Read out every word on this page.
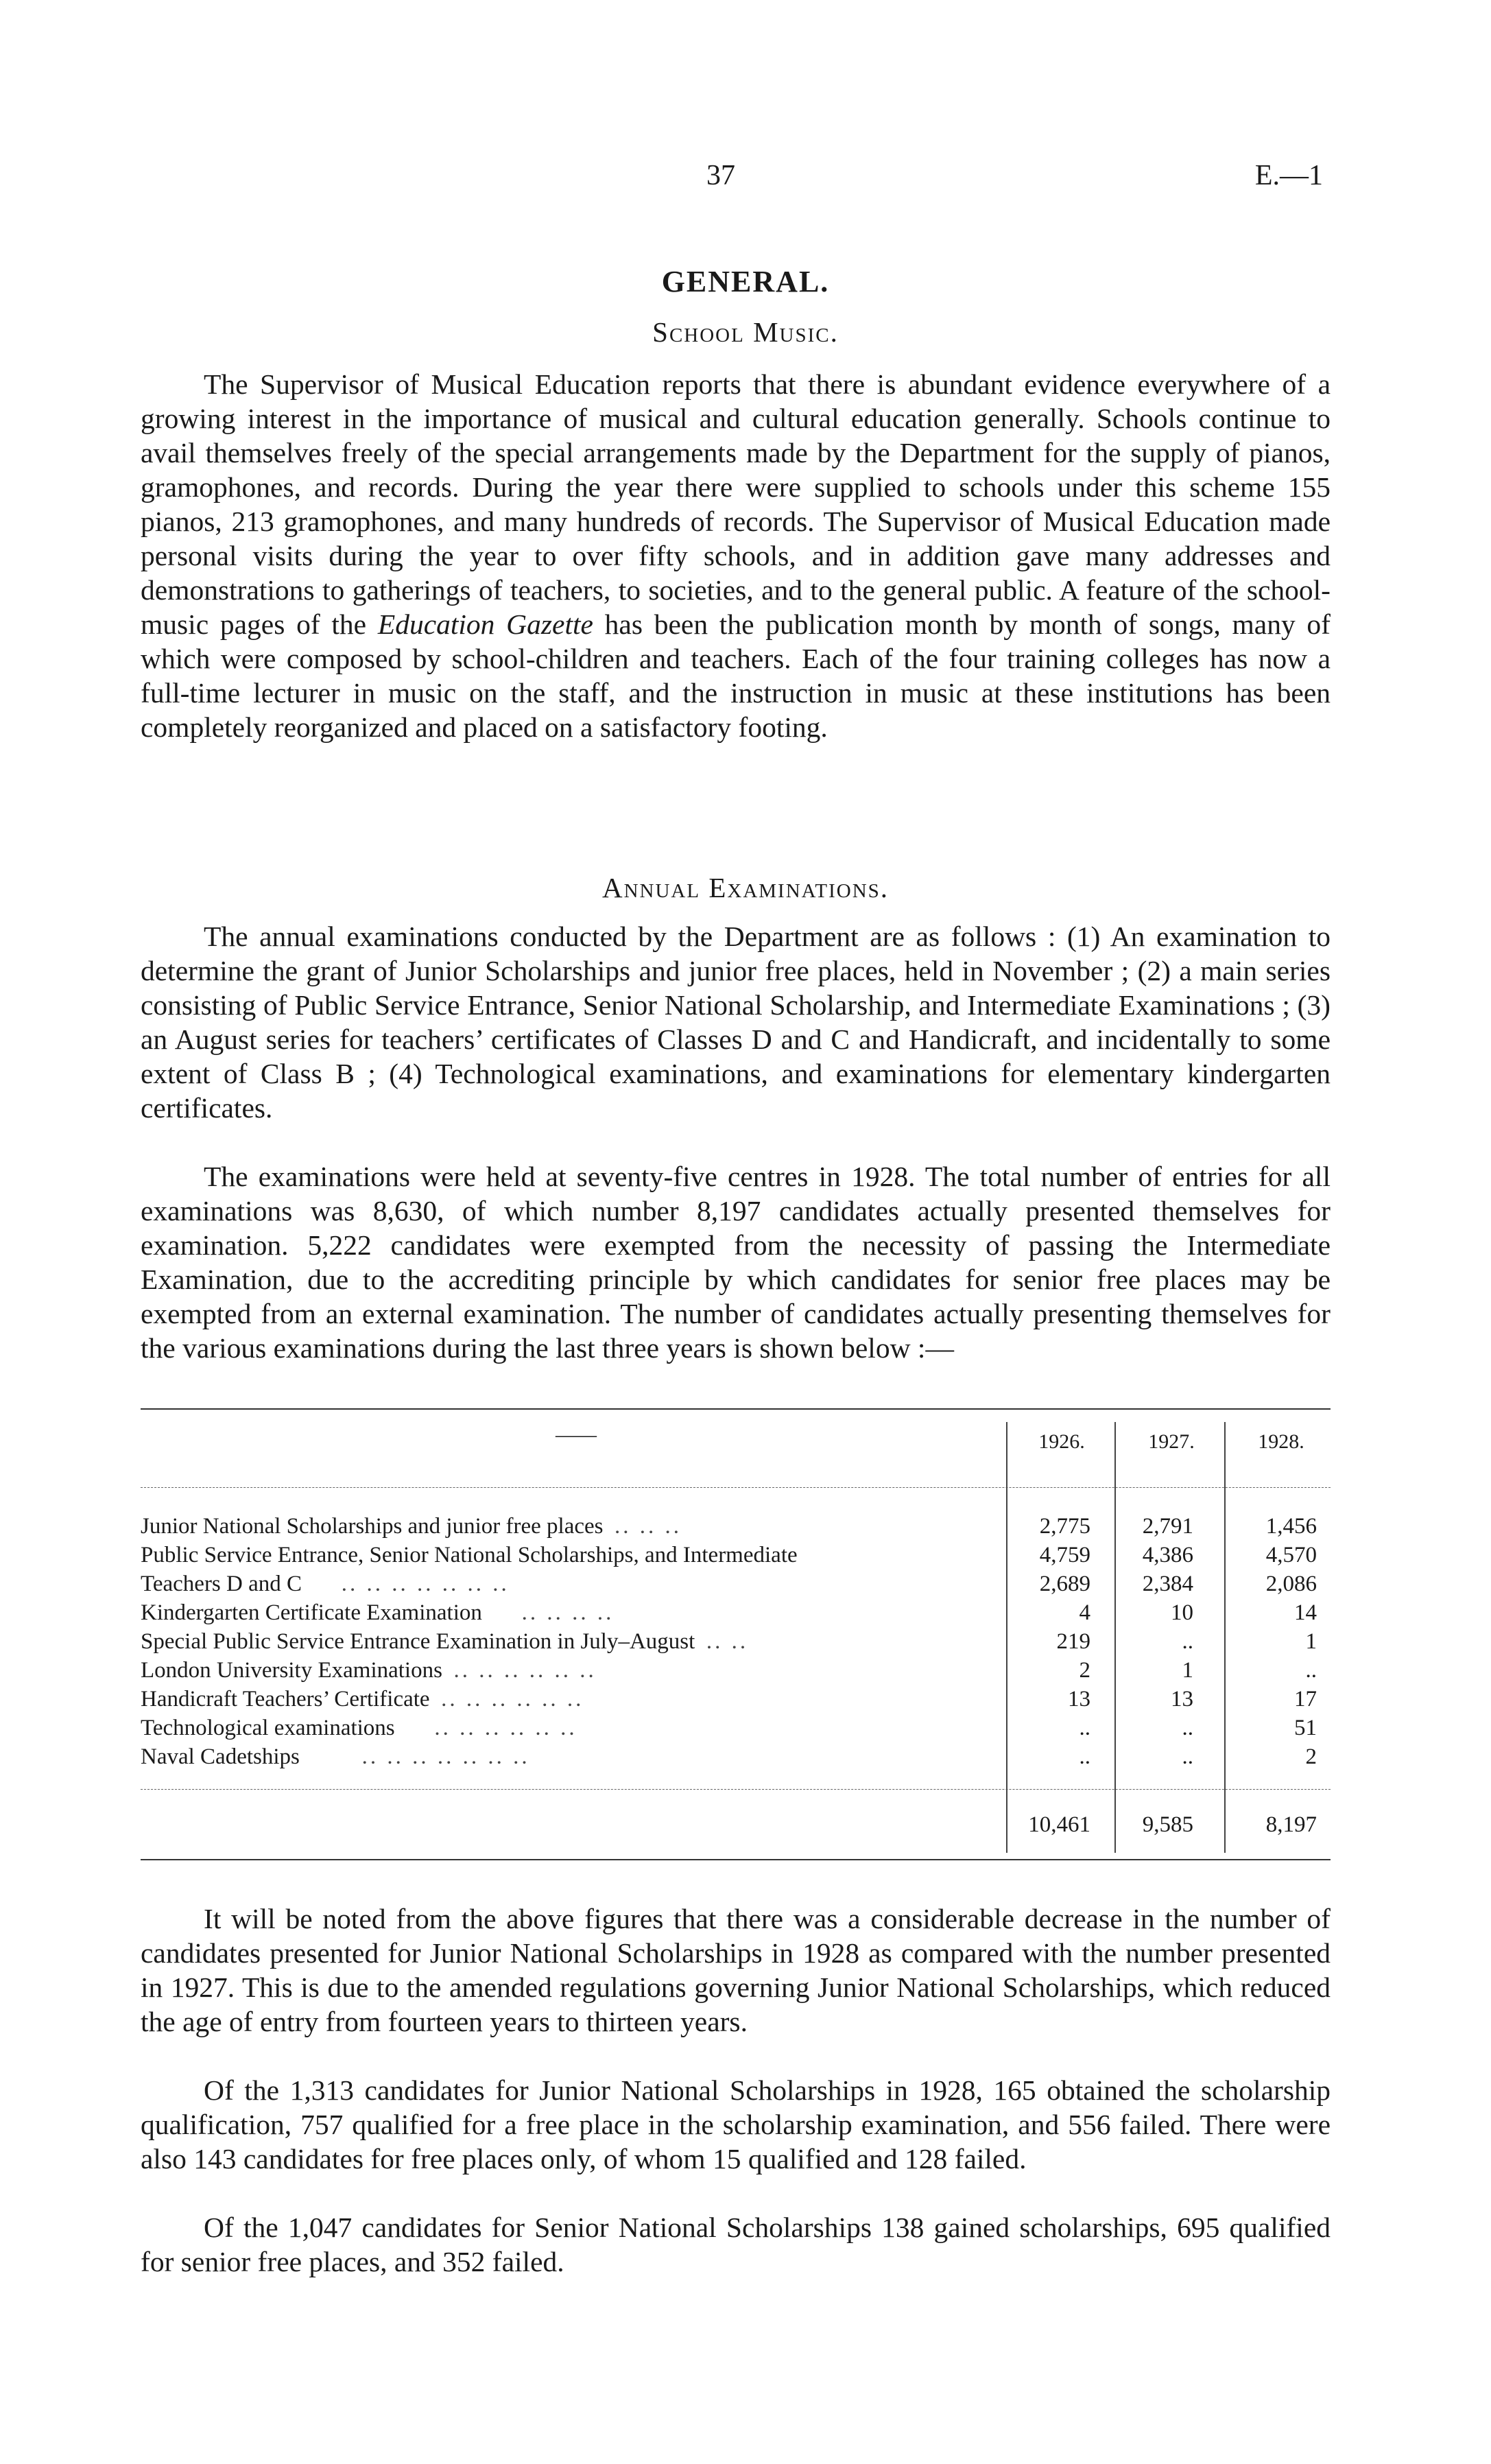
37	E.—1
GENERAL.
School Music.

The Supervisor of Musical Education reports that there is abundant evidence everywhere of a growing interest in the importance of musical and cultural education generally. Schools continue to avail themselves freely of the special arrangements made by the Department for the supply of pianos, gramophones, and records. During the year there were supplied to schools under this scheme 155 pianos, 213 gramophones, and many hundreds of records. The Supervisor of Musical Education made personal visits during the year to over fifty schools, and in addition gave many addresses and demonstrations to gatherings of teachers, to societies, and to the general public. A feature of the school-music pages of the Education Gazette has been the publication month by month of songs, many of which were composed by school-children and teachers. Each of the four training colleges has now a full-time lecturer in music on the staff, and the instruction in music at these institutions has been completely reorganized and placed on a satisfactory footing.

Annual Examinations.

The annual examinations conducted by the Department are as follows : (1) An examination to determine the grant of Junior Scholarships and junior free places, held in November ; (2) a main series consisting of Public Service Entrance, Senior National Scholarship, and Intermediate Examinations ; (3) an August series for teachers’ certificates of Classes D and C and Handicraft, and incidentally to some extent of Class B ; (4) Technological examinations, and examinations for elementary kindergarten certificates.

The examinations were held at seventy-five centres in 1928. The total number of entries for all examinations was 8,630, of which number 8,197 candidates actually presented themselves for examination. 5,222 candidates were exempted from the necessity of passing the Intermediate Examination, due to the accrediting principle by which candidates for senior free places may be exempted from an external examination. The number of candidates actually presenting themselves for the various examinations during the last three years is shown below :—

——	1926.	1927.	1928.
Junior National Scholarships and junior free places .. .. ..	2,775	2,791	1,456
Public Service Entrance, Senior National Scholarships, and Intermediate	4,759	4,386	4,570
Teachers D and C .. .. .. .. .. .. ..	2,689	2,384	2,086
Kindergarten Certificate Examination .. .. .. ..	4	10	14
Special Public Service Entrance Examination in July–August .. ..	219	..	1
London University Examinations .. .. .. .. .. ..	2	1	..
Handicraft Teachers’ Certificate .. .. .. .. .. ..	13	13	17
Technological examinations .. .. .. .. .. ..	..	..	51
Naval Cadetships	.. .. .. .. .. .. ..	..	..	2

10,461	9,585	8,197

It will be noted from the above figures that there was a considerable decrease in the number of candidates presented for Junior National Scholarships in 1928 as compared with the number presented in 1927. This is due to the amended regulations governing Junior National Scholarships, which reduced the age of entry from fourteen years to thirteen years.

Of the 1,313 candidates for Junior National Scholarships in 1928, 165 obtained the scholarship qualification, 757 qualified for a free place in the scholarship examination, and 556 failed. There were also 143 candidates for free places only, of whom 15 qualified and 128 failed.

Of the 1,047 candidates for Senior National Scholarships 138 gained scholarships, 695 qualified for senior free places, and 352 failed.
